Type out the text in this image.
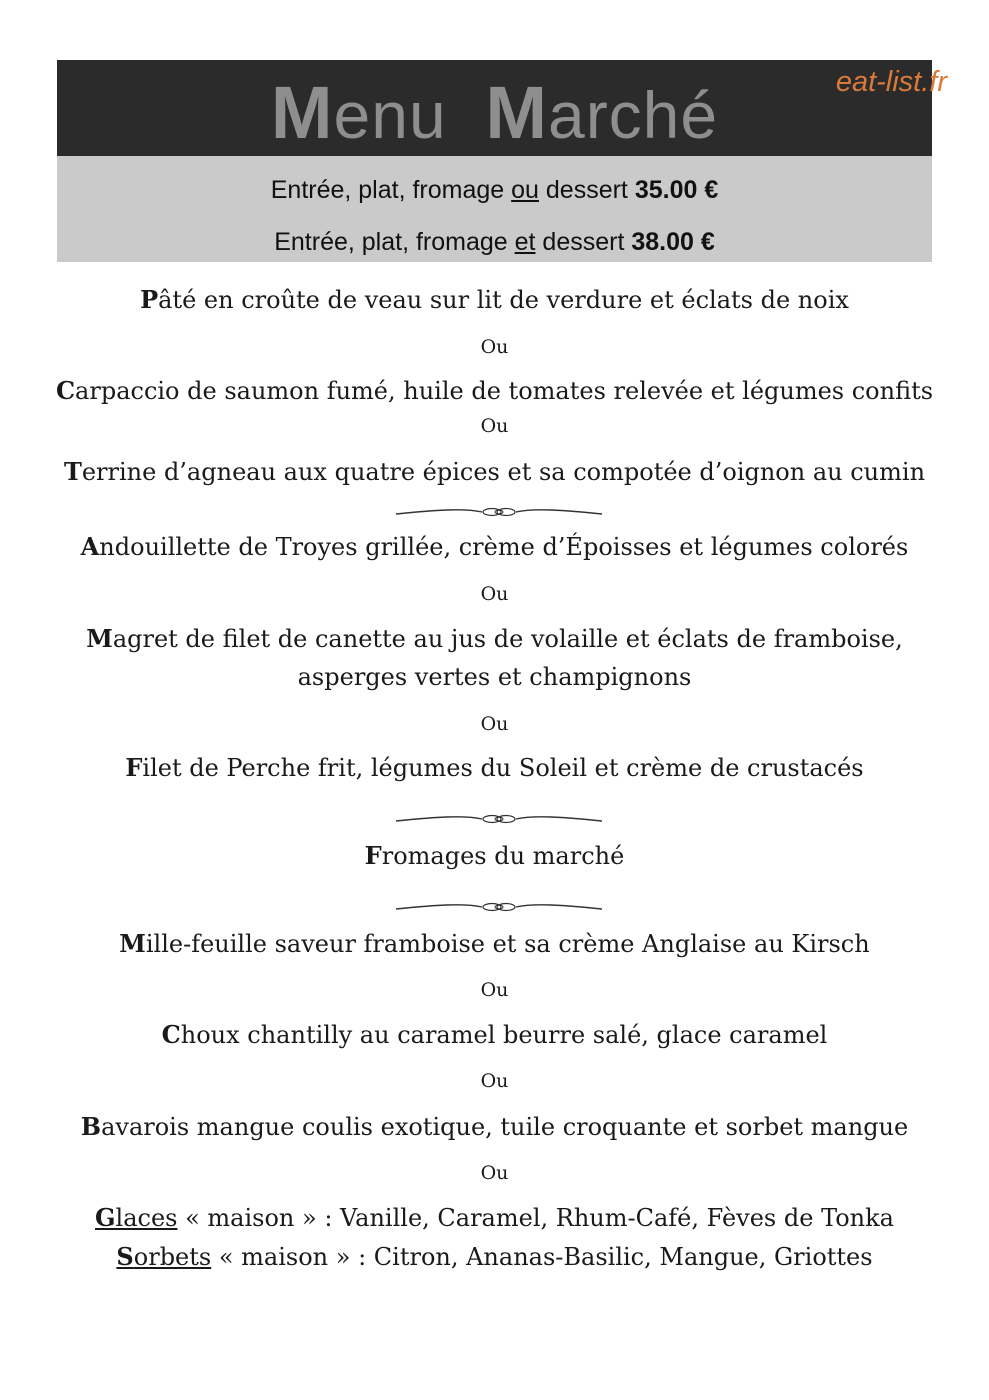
Menu Marché	eat-list.fr
Entrée, plat, fromage ou dessert 35.00 €
Entrée, plat, fromage et dessert 38.00 €
Pâté en croûte de veau sur lit de verdure et éclats de noix
Ou
Carpaccio de saumon fumé, huile de tomates relevée et légumes confits
Ou
Terrine d’agneau aux quatre épices et sa compotée d’oignon au cumin
Andouillette de Troyes grillée, crème d’Époisses et légumes colorés
Ou
Magret de filet de canette au jus de volaille et éclats de framboise,
asperges vertes et champignons
Ou
Filet de Perche frit, légumes du Soleil et crème de crustacés
Fromages du marché
Mille-feuille saveur framboise et sa crème Anglaise au Kirsch
Ou
Choux chantilly au caramel beurre salé, glace caramel
Ou
Bavarois mangue coulis exotique, tuile croquante et sorbet mangue
Ou
Glaces « maison » : Vanille, Caramel, Rhum-Café, Fèves de Tonka
Sorbets « maison » : Citron, Ananas-Basilic, Mangue, Griottes
